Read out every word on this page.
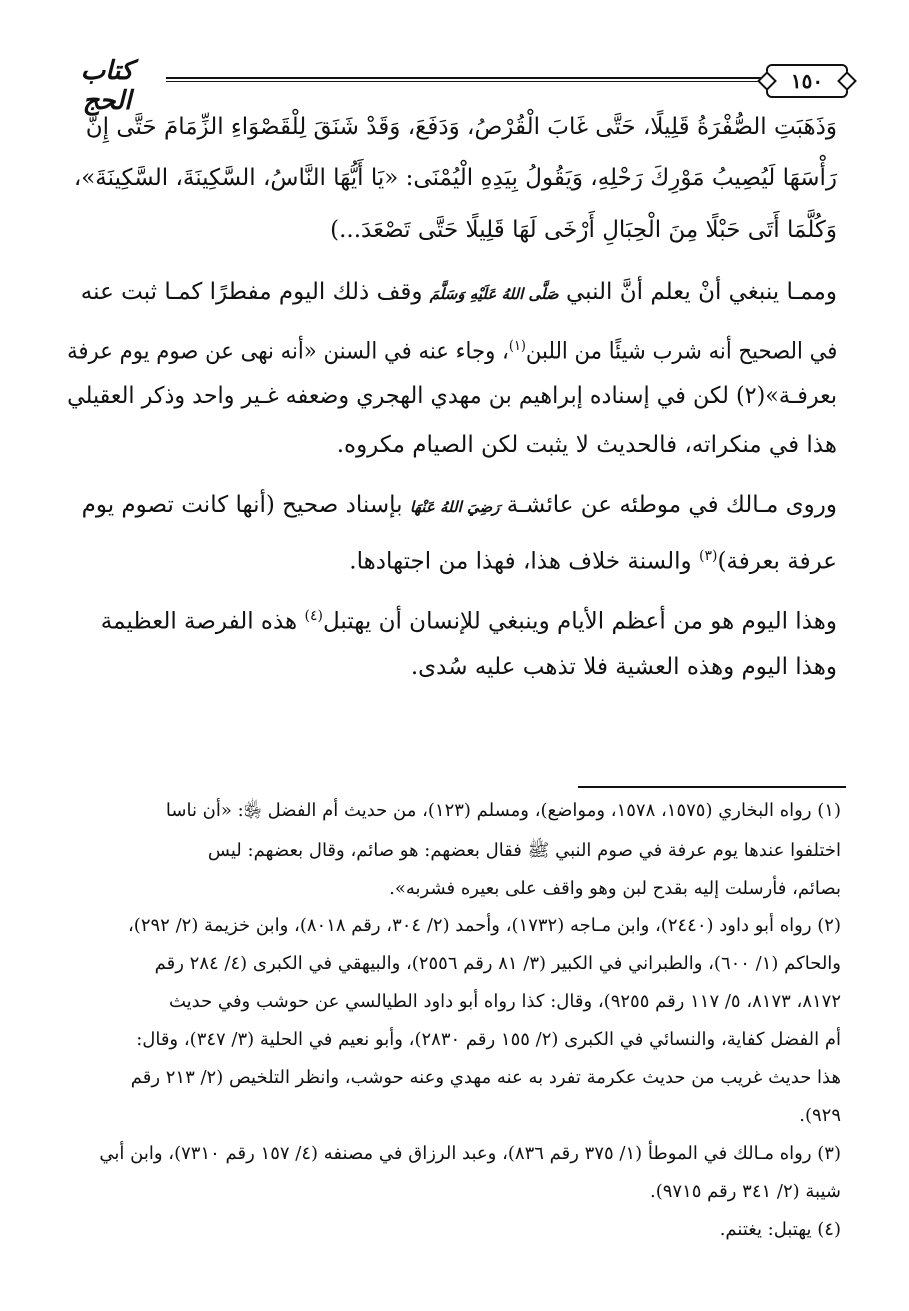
كتاب الحج
١٥٠
وَذَهَبَتِ الصُّفْرَةُ قَلِيلًا، حَتَّى غَابَ الْقُرْصُ، وَدَفَعَ، وَقَدْ شَنَقَ لِلْقَصْوَاءِ الزِّمَامَ حَتَّى إِنَّ
رَأْسَهَا لَيُصِيبُ مَوْرِكَ رَحْلِهِ، وَيَقُولُ بِيَدِهِ الْيُمْنَى: «يَا أَيُّهَا النَّاسُ، السَّكِينَةَ، السَّكِينَةَ»،
وَكُلَّمَا أَتَى حَبْلًا مِنَ الْحِبَالِ أَرْخَى لَهَا قَلِيلًا حَتَّى تَصْعَدَ...)
وممـا ينبغي أنْ يعلم أنَّ النبي صَلَّى اللهُ عَلَيْهِ وَسَلَّمَ وقف ذلك اليوم مفطرًا كمـا ثبت عنه
في الصحيح أنه شرب شيئًا من اللبن$^{(١)}$، وجاء عنه في السنن «أنه نهى عن صوم يوم عرفة
بعرفـة»(٢) لكن في إسناده إبراهيم بن مهدي الهجري وضعفه غـير واحد وذكر العقيلي
هذا في منكراته، فالحديث لا يثبت لكن الصيام مكروه.
وروى مـالك في موطئه عن عائشـة رَضِيَ اللهُ عَنْهَا بإسناد صحيح (أنها كانت تصوم يوم
عرفة بعرفة)$^{(٣)}$ والسنة خلاف هذا، فهذا من اجتهادها.
وهذا اليوم هو من أعظم الأيام وينبغي للإنسان أن يهتبل$^{(٤)}$ هذه الفرصة العظيمة
وهذا اليوم وهذه العشية فلا تذهب عليه سُدى.
(١) رواه البخاري (١٥٧٥، ١٥٧٨، ومواضع)، ومسلم (١٢٣)، من حديث أم الفضل ﵂: «أن ناسا
اختلفوا عندها يوم عرفة في صوم النبي ﷺ فقال بعضهم: هو صائم، وقال بعضهم: ليس
بصائم، فأرسلت إليه بقدح لبن وهو واقف على بعيره فشربه».
(٢) رواه أبو داود (٢٤٤٠)، وابن مـاجه (١٧٣٢)، وأحمد (٢/ ٣٠٤، رقم ٨٠١٨)، وابن خزيمة (٢/ ٢٩٢)،
والحاكم (١/ ٦٠٠)، والطبراني في الكبير (٣/ ٨١ رقم ٢٥٥٦)، والبيهقي في الكبرى (٤/ ٢٨٤ رقم
٨١٧٢، ٨١٧٣، ٥/ ١١٧ رقم ٩٢٥٥)، وقال: كذا رواه أبو داود الطيالسي عن حوشب وفي حديث
أم الفضل كفاية، والنسائي في الكبرى (٢/ ١٥٥ رقم ٢٨٣٠)، وأبو نعيم في الحلية (٣/ ٣٤٧)، وقال:
هذا حديث غريب من حديث عكرمة تفرد به عنه مهدي وعنه حوشب، وانظر التلخيص (٢/ ٢١٣ رقم
٩٢٩).
(٣) رواه مـالك في الموطأ (١/ ٣٧٥ رقم ٨٣٦)، وعبد الرزاق في مصنفه (٤/ ١٥٧ رقم ٧٣١٠)، وابن أبي
شيبة (٢/ ٣٤١ رقم ٩٧١٥).
(٤) يهتبل: يغتنم.
